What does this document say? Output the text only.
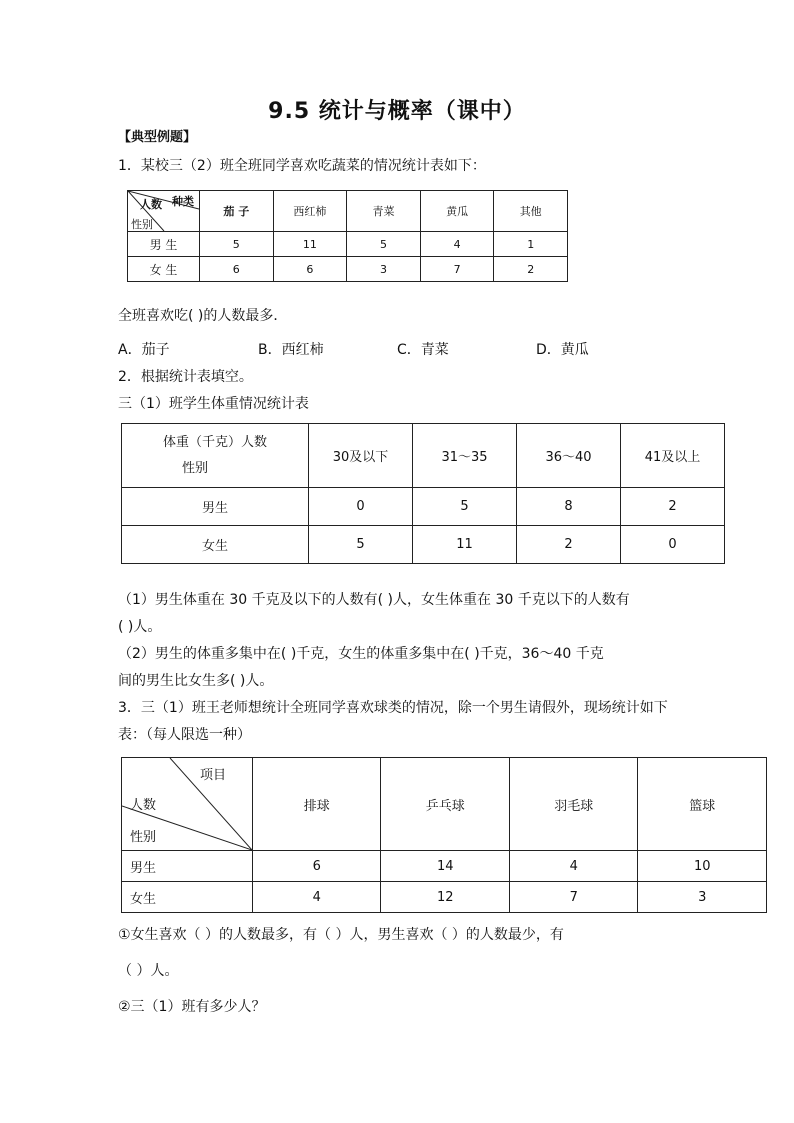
9.5 统计与概率（课中）
【典型例题】
1．某校三（2）班全班同学喜欢吃蔬菜的情况统计表如下：
种类
人数
性别	茄 子	西红柿	青菜	黄瓜	其他
男 生	5	11	5	4	1
女 生	6	6	3	7	2
全班喜欢吃( )的人数最多．
A．茄子	B．西红柿	C．青菜	D．黄瓜
2．根据统计表填空。
三（1）班学生体重情况统计表
体重（千克）人数
性别	30及以下	31～35	36～40	41及以上
男生	0	5	8	2
女生	5	11	2	0
（1）男生体重在 30 千克及以下的人数有( )人，女生体重在 30 千克以下的人数有
( )人。
（2）男生的体重多集中在( )千克，女生的体重多集中在( )千克，36～40 千克
间的男生比女生多( )人。
3．三（1）班王老师想统计全班同学喜欢球类的情况，除一个男生请假外，现场统计如下
表：（每人限选一种）
项目
人数
性别	排球	乒乓球	羽毛球	篮球
男生	6	14	4	10
女生	4	12	7	3
①女生喜欢（ ）的人数最多，有（ ）人，男生喜欢（ ）的人数最少，有
（ ）人。
②三（1）班有多少人？
